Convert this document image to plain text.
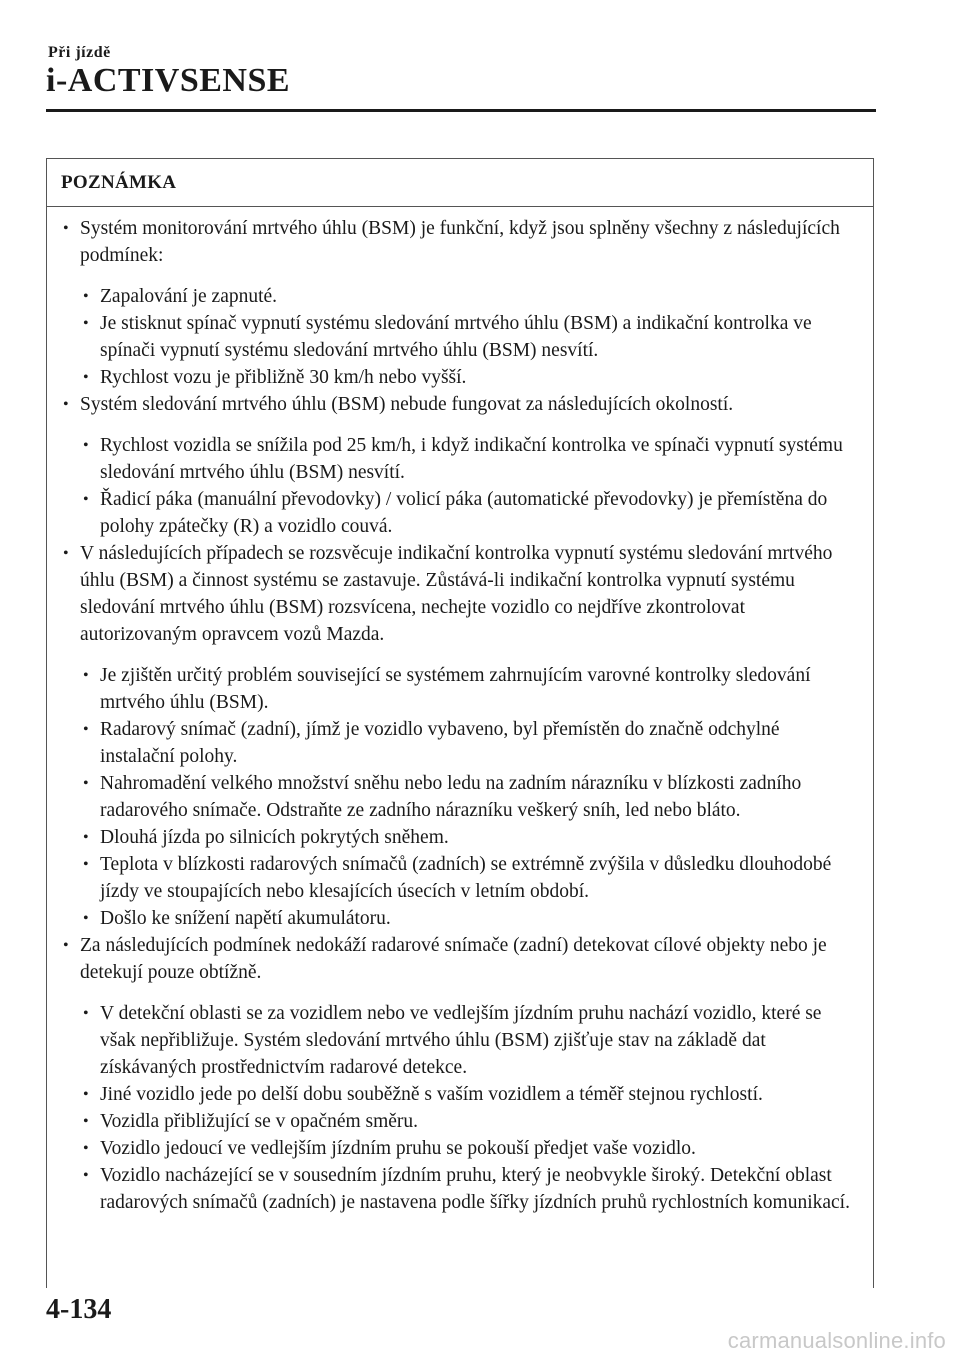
Při jízdě
i-ACTIVSENSE
POZNÁMKA
• Systém monitorování mrtvého úhlu (BSM) je funkční, když jsou splněny všechny z následujících podmínek:
• Zapalování je zapnuté.
• Je stisknut spínač vypnutí systému sledování mrtvého úhlu (BSM) a indikační kontrolka ve spínači vypnutí systému sledování mrtvého úhlu (BSM) nesvítí.
• Rychlost vozu je přibližně 30 km/h nebo vyšší.
• Systém sledování mrtvého úhlu (BSM) nebude fungovat za následujících okolností.
• Rychlost vozidla se snížila pod 25 km/h, i když indikační kontrolka ve spínači vypnutí systému sledování mrtvého úhlu (BSM) nesvítí.
• Řadicí páka (manuální převodovky) / volicí páka (automatické převodovky) je přemístěna do polohy zpátečky (R) a vozidlo couvá.
• V následujících případech se rozsvěcuje indikační kontrolka vypnutí systému sledování mrtvého úhlu (BSM) a činnost systému se zastavuje. Zůstává-li indikační kontrolka vypnutí systému sledování mrtvého úhlu (BSM) rozsvícena, nechejte vozidlo co nejdříve zkontrolovat autorizovaným opravcem vozů Mazda.
• Je zjištěn určitý problém související se systémem zahrnujícím varovné kontrolky sledování mrtvého úhlu (BSM).
• Radarový snímač (zadní), jímž je vozidlo vybaveno, byl přemístěn do značně odchylné instalační polohy.
• Nahromadění velkého množství sněhu nebo ledu na zadním nárazníku v blízkosti zadního radarového snímače. Odstraňte ze zadního nárazníku veškerý sníh, led nebo bláto.
• Dlouhá jízda po silnicích pokrytých sněhem.
• Teplota v blízkosti radarových snímačů (zadních) se extrémně zvýšila v důsledku dlouhodobé jízdy ve stoupajících nebo klesajících úsecích v letním období.
• Došlo ke snížení napětí akumulátoru.
• Za následujících podmínek nedokáží radarové snímače (zadní) detekovat cílové objekty nebo je detekují pouze obtížně.
• V detekční oblasti se za vozidlem nebo ve vedlejším jízdním pruhu nachází vozidlo, které se však nepřibližuje. Systém sledování mrtvého úhlu (BSM) zjišťuje stav na základě dat získávaných prostřednictvím radarové detekce.
• Jiné vozidlo jede po delší dobu souběžně s vaším vozidlem a téměř stejnou rychlostí.
• Vozidla přibližující se v opačném směru.
• Vozidlo jedoucí ve vedlejším jízdním pruhu se pokouší předjet vaše vozidlo.
• Vozidlo nacházející se v sousedním jízdním pruhu, který je neobvykle široký. Detekční oblast radarových snímačů (zadních) je nastavena podle šířky jízdních pruhů rychlostních komunikací.
4-134
carmanualsonline.info
